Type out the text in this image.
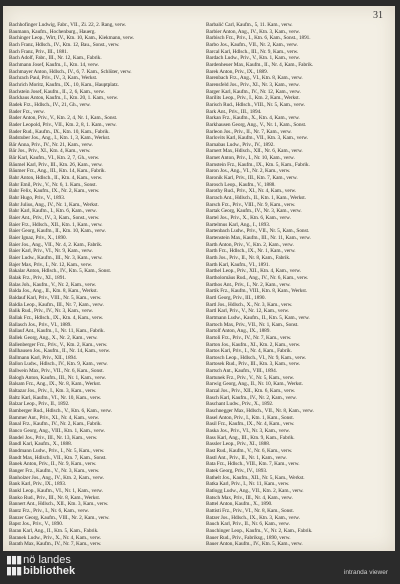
31
Bachhofinger Ludwig, Fabr., VII., Zi. 22, 2. Rang, verw.
Baumann, Kaufm., Hochenburg., Hauerg.
Bachinger Leop., Wirt, IV., Ktn. 10, Kam., Kiekmann, verw.
Bach Franz, Hdlsch., IV., Ktn. 12, Bau., Sonst., verw.
Bach Franz, Priv., III., 1881.
Bach Adolf, Fabr., III., Nr. 12, Kam., Fabrik.
Bachmann Josef, Kaufm., I., Ktn. 14, verw.
Bachmayer Anton, Hdlsch., IV., 6, 7. Kam., Schlüter, verw.
Bachrach Paul, Priv., IV., 3, Kam., Werkst.
Bachrich Moritz, Kaufm., IX., 10, Kam., Hauptplatz.
Bachstein Josef, Kaufm., II., 2, 6, Kam., verw.
Backhaus Anton, Kaufm., I., Ktn. 20, 1. Kam., verw.
Badek Frz., Hdlsch., IV., 21, Gh., verw.
Bader Frz., verw.
Bader Anton, Priv., V., Ktn. 2, 4, Nr. 1, Kam., Sonst.
Bader Leopold, Priv., VII., Ktn. 2, 8, 1. Kam., verw.
Bader Rud., Kaufm., IX., Ktn. 10, Kam., Fabrik.
Badstuber Jos., Ang., I., Ktn. 1, 3, Kam., Werkst.
Bär Anna, Priv., IV., Nr. 21, Kam., verw.
Bär Jos., Priv., XI., Ktn. 4, Kam., verw.
Bär Karl, Kaufm., VI., Ktn. 2, 7, Gh., verw.
Bäumel Karl, Priv., III., Ktn. 26, Kam., verw.
Bäumer Frz., Ang., III., Ktn. 14, Kam., Fabrik.
Bahr Anton, Hdlsch., II., Ktn. 4, Kam., verw.
Bahr Emil, Priv., V., Nr. 6, 1. Kam., Sonst.
Bahr Felix, Kaufm., IX., Nr. 2, Kam., verw.
Bahr Hugo, Priv., V., 1893.
Bahr Julius, Ang., IV., Nr. 1, Kam., Werkst.
Bahr Karl, Kaufm., I., Ktn. 6, Kam., verw.
Baier Ant., Priv., IV., 3, Kam., Sonst., verw.
Baier Frz., Hdlsch., XII., Ktn. 1, Kam., verw.
Baier Georg, Kaufm., II., Ktn. 10, Kam., verw.
Baier Ignaz, Priv., X., 1890.
Baier Jos., Ang., VII., Nr. 4, 2. Kam., Fabrik.
Baier Karl, Priv., VI., Nr. 9, Kam., verw.
Baier Ludw., Kaufm., III., Nr. 3, Kam., verw.
Bajer Max, Priv., I., Nr. 12, Kam., verw.
Bakalar Anton, Hdlsch., IV., Ktn. 5, Kam., Sonst.
Balak Frz., Priv., XI., 1891.
Balas Joh., Kaufm., V., Nr. 2, Kam., verw.
Balda Jos., Ang., II., Ktn. 8, Kam., Werkst.
Baldauf Karl, Priv., VIII., Nr. 5, Kam., verw.
Baldia Leop., Kaufm., III., Nr. 7, Kam., verw.
Balik Rud., Priv., IV., Nr. 3, Kam., verw.
Ballak Frz., Hdlsch., IX., Ktn. 4, Kam., verw.
Ballasch Jos., Priv., VI., 1889.
Ballauf Ant., Kaufm., I., Nr. 11, Kam., Fabrik.
Ballek Georg, Ang., X., Nr. 2, Kam., verw.
Ballenberger Frz., Priv., V., Ktn. 2, Kam., verw.
Ballhausen Jos., Kaufm., II., Nr. 14, Kam., verw.
Ballmann Karl, Priv., XII., 1894.
Ballon Ludw., Hdlsch., IV., Ktn. 9, Kam., verw.
Ballwein Max, Priv., VII., Nr. 6, Kam., Sonst.
Balogh Anton, Kaufm., III., Nr. 1, Kam., verw.
Balsam Frz., Ang., IX., Nr. 8, Kam., Werkst.
Baltazar Jos., Priv., I., Ktn. 3, Kam., verw.
Baltz Karl, Kaufm., VI., Nr. 10, Kam., verw.
Balzar Leop., Priv., II., 1892.
Bamberger Rud., Hdlsch., V., Ktn. 6, Kam., verw.
Bammer Ant., Priv., XI., Nr. 4, Kam., verw.
Banal Frz., Kaufm., IV., Nr. 2, Kam., Fabrik.
Banco Georg, Ang., VIII., Ktn. 1, Kam., verw.
Bandel Jos., Priv., III., Nr. 13, Kam., verw.
Bandl Karl, Kaufm., X., 1888.
Bandmann Ludw., Priv., I., Nr. 5, Kam., verw.
Bandt Max, Hdlsch., VII., Ktn. 7, Kam., Sonst.
Banek Anton, Priv., II., Nr. 9, Kam., verw.
Banger Frz., Kaufm., V., Nr. 3, Kam., verw.
Banholzer Jos., Ang., IV., Ktn. 2, Kam., verw.
Bank Karl, Priv., IX., 1893.
Bankl Leop., Kaufm., VI., Nr. 1, Kam., verw.
Banko Rud., Priv., III., Nr. 8, Kam., Werkst.
Bannert Ant., Hdlsch., XII., Ktn. 3, Kam., verw.
Bantz Frz., Priv., I., Nr. 6, Kam., verw.
Banzer Georg, Kaufm., VIII., Nr. 2, Kam., verw.
Bapst Jos., Priv., V., 1890.
Baran Karl, Ang., II., Ktn. 5, Kam., Fabrik.
Baranek Ludw., Priv., X., Nr. 4, Kam., verw.
Barath Max, Kaufm., IV., Nr. 7, Kam., verw.
Barbalić Carl, Kaufm., 5, 11. Kam., verw.
Barbier Anton, Ang., IV., Ktn. 3, Kam., verw.
Barbisch Frz., Priv., I., Ktn. 6, Kam., Sonst., 1891.
Barbo Jos., Kaufm., VII., Nr. 2, Kam., verw.
Barcal Karl, Hdlsch., III., Nr. 9, Kam., verw.
Bardach Ludw., Priv., V., Ktn. 1, Kam., verw.
Bardenheuer Max, Kaufm., II., Nr. 4, Kam., Fabrik.
Barek Anton, Priv., IX., 1889.
Barenbach Frz., Ang., VI., Ktn. 8, Kam., verw.
Barensfeld Jos., Priv., XI., Nr. 3, Kam., verw.
Barger Karl, Kaufm., IV., Nr. 12, Kam., verw.
Barilits Leop., Priv., I., Ktn. 2, Kam., Werkst.
Barisch Rud., Hdlsch., VIII., Nr. 5, Kam., verw.
Bark Ant., Priv., III., 1894.
Barkan Frz., Kaufm., X., Ktn. 4, Kam., verw.
Barkhausen Georg, Ang., V., Nr. 1, Kam., Sonst.
Barleon Jos., Priv., II., Nr. 7, Kam., verw.
Barlovits Karl, Kaufm., VII., Ktn. 3, Kam., verw.
Barnabas Ludw., Priv., IV., 1892.
Barnert Max, Hdlsch., XII., Nr. 6, Kam., verw.
Barnet Anton, Priv., I., Nr. 10, Kam., verw.
Barnstein Frz., Kaufm., IX., Ktn. 5, Kam., Fabrik.
Baron Jos., Ang., VI., Nr. 2, Kam., verw.
Baronik Karl, Priv., III., Ktn. 7, Kam., verw.
Barosch Leop., Kaufm., V., 1888.
Barothy Rud., Priv., XI., Nr. 4, Kam., verw.
Barrach Ant., Hdlsch., II., Ktn. 1, Kam., Werkst.
Barsch Frz., Priv., VIII., Nr. 9, Kam., verw.
Bartak Georg, Kaufm., IV., Nr. 3, Kam., verw.
Bartel Jos., Priv., X., Ktn. 6, Kam., verw.
Bartelmus Karl, Ang., I., 1893.
Bartenbach Ludw., Priv., VII., Nr. 5, Kam., Sonst.
Bartenstein Max, Kaufm., III., Nr. 11, Kam., verw.
Barth Anton, Priv., V., Ktn. 2, Kam., verw.
Barth Frz., Hdlsch., IX., Nr. 1, Kam., verw.
Barth Jos., Priv., II., Nr. 8, Kam., Fabrik.
Barth Karl, Kaufm., VI., 1891.
Barthel Leop., Priv., XII., Ktn. 4, Kam., verw.
Bartholomäus Rud., Ang., IV., Nr. 6, Kam., verw.
Barthos Ant., Priv., I., Nr. 2, Kam., verw.
Bartik Frz., Kaufm., VIII., Ktn. 8, Kam., Werkst.
Bartl Georg, Priv., III., 1890.
Bartl Jos., Hdlsch., X., Nr. 3, Kam., verw.
Bartl Karl, Priv., V., Nr. 12, Kam., verw.
Bartmann Ludw., Kaufm., II., Ktn. 5, Kam., verw.
Bartoch Max, Priv., VII., Nr. 1, Kam., Sonst.
Bartolf Anton, Ang., IX., 1889.
Bartoli Frz., Priv., IV., Nr. 7, Kam., verw.
Barton Jos., Kaufm., XI., Ktn. 2, Kam., verw.
Bartos Karl, Priv., I., Nr. 4, Kam., Fabrik.
Bartosch Leop., Hdlsch., VI., Nr. 9, Kam., verw.
Bartosek Rud., Priv., III., Ktn. 3, Kam., verw.
Bartsch Ant., Kaufm., VIII., 1894.
Bartunek Frz., Priv., V., Nr. 5, Kam., verw.
Barwig Georg, Ang., II., Nr. 10, Kam., Werkst.
Barzal Jos., Priv., XII., Ktn. 6, Kam., verw.
Basch Karl, Kaufm., IV., Nr. 2, Kam., verw.
Baschant Ludw., Priv., X., 1892.
Baschnegger Max, Hdlsch., VII., Nr. 8, Kam., verw.
Basel Anton, Priv., I., Ktn. 1, Kam., Sonst.
Basil Frz., Kaufm., IX., Nr. 4, Kam., verw.
Baska Jos., Priv., VI., Nr. 3, Kam., verw.
Bass Karl, Ang., III., Ktn. 9, Kam., Fabrik.
Bassler Leop., Priv., XI., 1888.
Bast Rud., Kaufm., V., Nr. 6, Kam., verw.
Bastl Ant., Priv., II., Nr. 1, Kam., verw.
Bata Frz., Hdlsch., VIII., Ktn. 7, Kam., verw.
Batek Georg, Priv., IV., 1893.
Bathelt Jos., Kaufm., XII., Nr. 5, Kam., Werkst.
Batka Karl, Priv., I., Nr. 11, Kam., verw.
Batlogg Ludw., Ang., VII., Ktn. 2, Kam., verw.
Batsch Max, Priv., III., Nr. 4, Kam., verw.
Battel Anton, Kaufm., X., 1890.
Battisti Frz., Priv., VI., Nr. 8, Kam., Sonst.
Batzer Jos., Hdlsch., IX., Ktn. 3, Kam., verw.
Bauch Karl, Priv., II., Nr. 6, Kam., verw.
Bauchinger Leop., Kaufm., V., Nr. 2, Kam., Fabrik.
Bauer Rud., Priv., Fabriksg., 1890, verw.
Bauer Anton, Kaufm., IV., Ktn. 5, Kam., verw.
▮▮▮ nö landes
▮▮▮ bibliothek	intranda viewer
